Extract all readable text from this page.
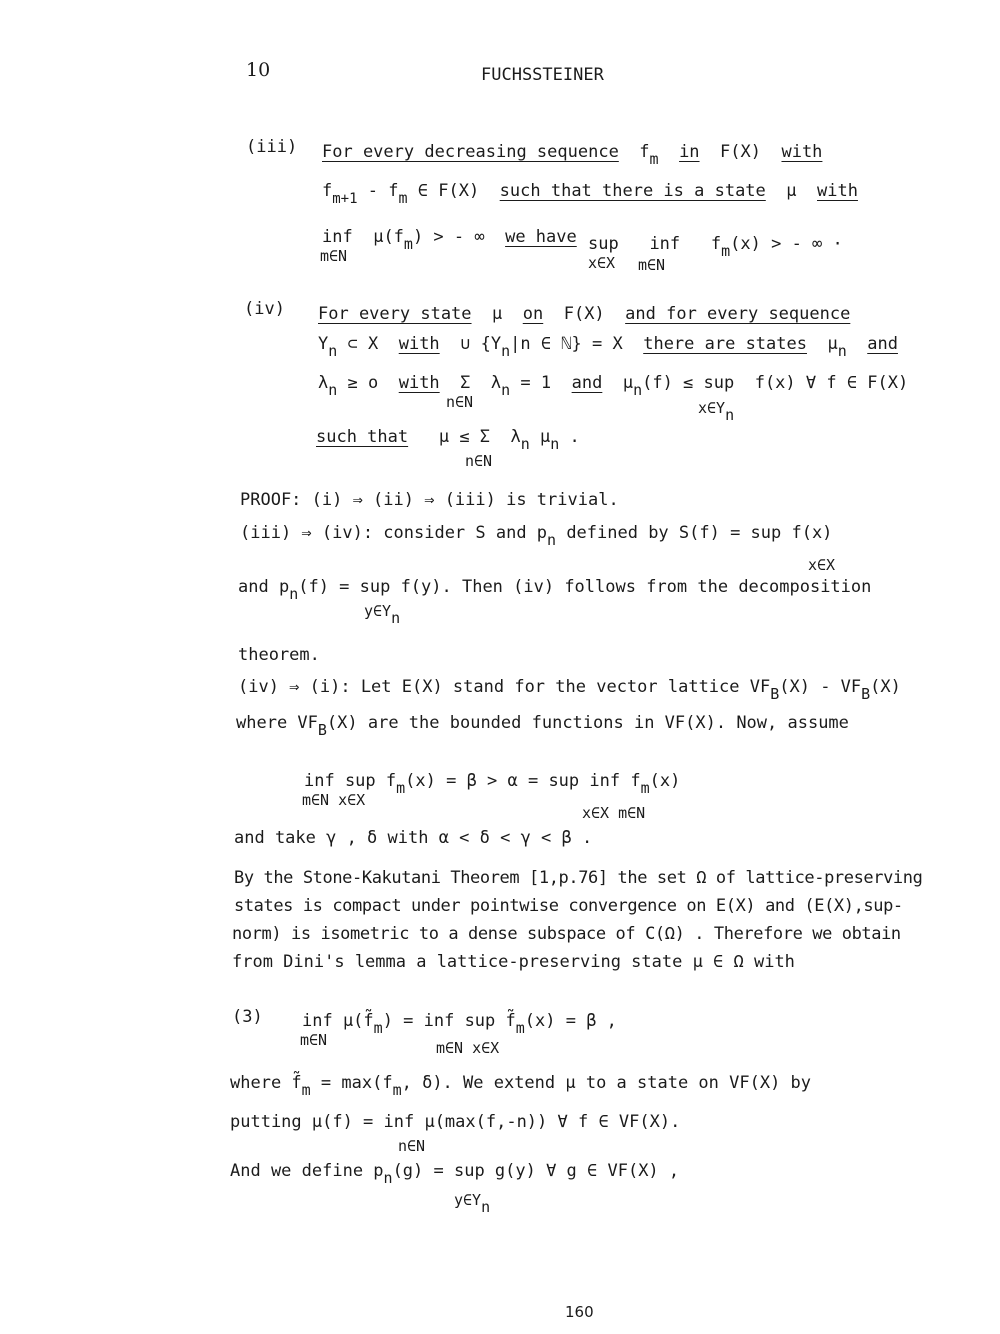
10	FUCHSSTEINER
(iii) For every decreasing sequence fm in F(X) with
$f_{m+1}$ - fm ∈ F(X) such that there is a state μ with
inf μ(fm) > - ∞ we have
m∈N
sup inf fm(x) > - ∞ ·
x∈X m∈N
(iv) For every state μ on F(X) and for every sequence
Yn ⊂ X with ∪ {Yn|n ∈ ℕ} = X there are states μn and
λn ≥ o with Σ λn = 1 and μn(f) ≤ sup f(x) ∀ f ∈ F(X)
n∈N	x∈Yn
such that μ ≤ Σ λn μn .
n∈N
PROOF: (i) ⇒ (ii) ⇒ (iii) is trivial.
(iii) ⇒ (iv): consider S and pn defined by S(f) = sup f(x)
x∈X
and pn(f) = sup f(y). Then (iv) follows from the decomposition
y∈Yn
theorem.
(iv) ⇒ (i): Let E(X) stand for the vector lattice VFB(X) - VFB(X)
where VFB(X) are the bounded functions in VF(X). Now, assume
inf sup fm(x) = β > α = sup inf fm(x)
m∈N x∈X
x∈X m∈N
and take γ , δ with α < δ < γ < β .
By the Stone-Kakutani Theorem [1,p.76] the set Ω of lattice-preserving
states is compact under pointwise convergence on E(X) and (E(X),sup-
norm) is isometric to a dense subspace of C(Ω) . Therefore we obtain
from Dini's lemma a lattice-preserving state μ ∈ Ω with
(3) inf μ(f̃m) = inf sup f̃m(x) = β ,
m∈N	m∈N x∈X
where f̃m = max(fm, δ). We extend μ to a state on VF(X) by
putting μ(f) = inf μ(max(f,-n)) ∀ f ∈ VF(X).
n∈N
And we define pn(g) = sup g(y) ∀ g ∈ VF(X) ,
y∈Yn
160
